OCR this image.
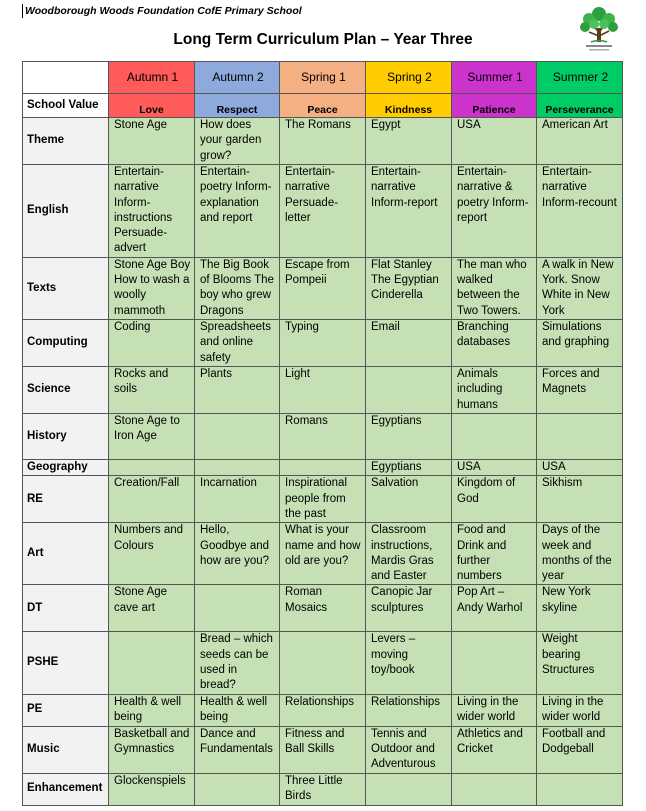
Woodborough Woods Foundation CofE Primary School
Long Term Curriculum Plan – Year Three
	Autumn 1	Autumn 2	Spring 1	Spring 2	Summer 1	Summer 2
School Value	Love	Respect	Peace	Kindness	Patience	Perseverance
Theme	Stone Age	How does your garden grow?	The Romans	Egypt	USA	American Art
English	Entertain-narrative Inform-instructions Persuade-advert	Entertain-poetry Inform-explanation and report	Entertain-narrative Persuade-letter	Entertain-narrative Inform-report	Entertain-narrative & poetry Inform-report	Entertain-narrative Inform-recount
Texts	Stone Age Boy How to wash a woolly mammoth	The Big Book of Blooms The boy who grew Dragons	Escape from Pompeii	Flat Stanley The Egyptian Cinderella	The man who walked between the Two Towers.	A walk in New York. Snow White in New York
Computing	Coding	Spreadsheets and online safety	Typing	Email	Branching databases	Simulations and graphing
Science	Rocks and soils	Plants	Light		Animals including humans	Forces and Magnets
History	Stone Age to Iron Age		Romans	Egyptians		
Geography				Egyptians	USA	USA
RE	Creation/Fall	Incarnation	Inspirational people from the past	Salvation	Kingdom of God	Sikhism
Art	Numbers and Colours	Hello, Goodbye and how are you?	What is your name and how old are you?	Classroom instructions, Mardis Gras and Easter	Food and Drink and further numbers	Days of the week and months of the year
DT	Stone Age cave art		Roman Mosaics	Canopic Jar sculptures	Pop Art – Andy Warhol	New York skyline
PSHE		Bread – which seeds can be used in bread?		Levers – moving toy/book		Weight bearing Structures
PE	Health & well being	Health & well being	Relationships	Relationships	Living in the wider world	Living in the wider world
Music	Basketball and Gymnastics	Dance and Fundamentals	Fitness and Ball Skills	Tennis and Outdoor and Adventurous	Athletics and Cricket	Football and Dodgeball
Enhancement	Glockenspiels		Three Little Birds			
